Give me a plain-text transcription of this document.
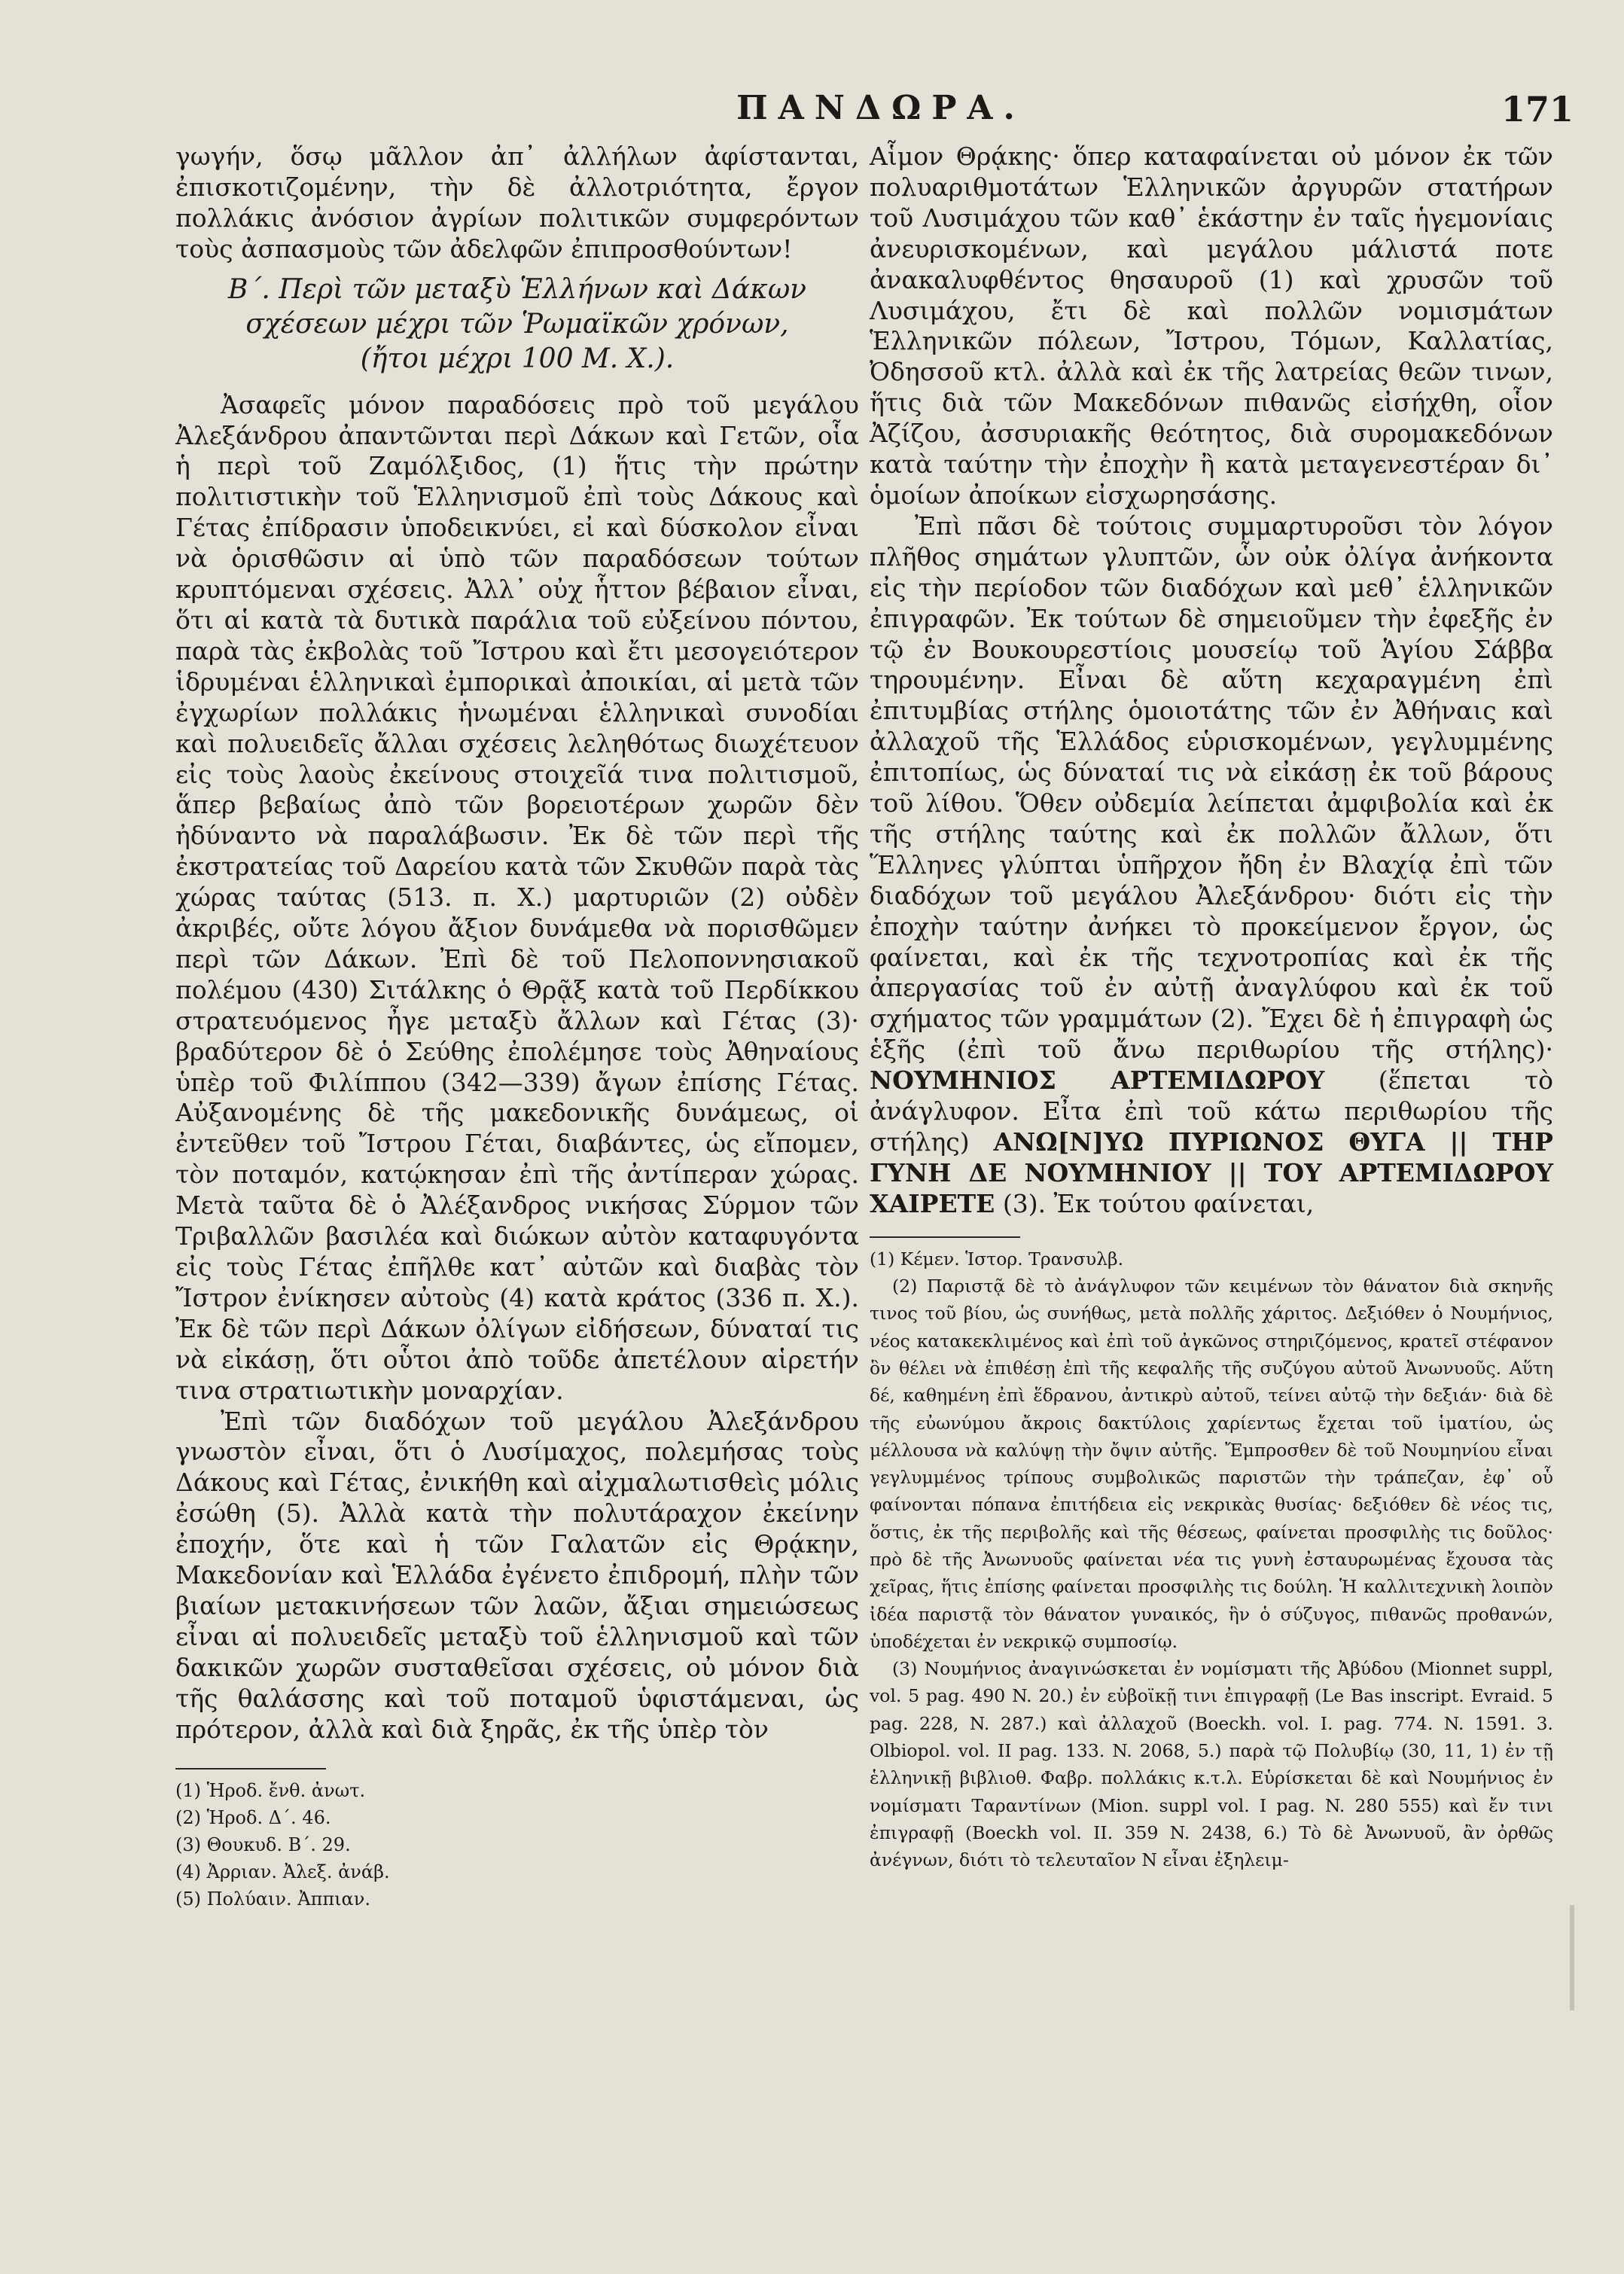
ΠΑΝΔΩΡΑ.	171

γωγήν, ὅσῳ μᾶλλον ἀπ᾽ ἀλλήλων ἀφίστανται, ἐπισκοτιζομένην, τὴν δὲ ἀλλοτριότητα, ἔργον πολλάκις ἀνόσιον ἀγρίων πολιτικῶν συμφερόντων τοὺς ἀσπασμοὺς τῶν ἀδελφῶν ἐπιπροσθούντων!

Β΄. Περὶ τῶν μεταξὺ Ἑλλήνων καὶ Δάκων
σχέσεων μέχρι τῶν Ῥωμαϊκῶν χρόνων,
(ἤτοι μέχρι 100 Μ. Χ.).

Ἀσαφεῖς μόνον παραδόσεις πρὸ τοῦ μεγάλου Ἀλεξάνδρου ἀπαντῶνται περὶ Δάκων καὶ Γετῶν, οἷα ἡ περὶ τοῦ Ζαμόλξιδος, (1) ἥτις τὴν πρώτην πολιτιστικὴν τοῦ Ἑλληνισμοῦ ἐπὶ τοὺς Δάκους καὶ Γέτας ἐπίδρασιν ὑποδεικνύει, εἰ καὶ δύσκολον εἶναι νὰ ὁρισθῶσιν αἱ ὑπὸ τῶν παραδόσεων τούτων κρυπτόμεναι σχέσεις. Ἀλλ᾽ οὐχ ἧττον βέβαιον εἶναι, ὅτι αἱ κατὰ τὰ δυτικὰ παράλια τοῦ εὐξείνου πόντου, παρὰ τὰς ἐκβολὰς τοῦ Ἴστρου καὶ ἔτι μεσογειότερον ἱδρυμέναι ἑλληνικαὶ ἐμπορικαὶ ἀποικίαι, αἱ μετὰ τῶν ἐγχωρίων πολλάκις ἡνωμέναι ἑλληνικαὶ συνοδίαι καὶ πολυειδεῖς ἄλλαι σχέσεις λεληθότως διωχέτευον εἰς τοὺς λαοὺς ἐκείνους στοιχεῖά τινα πολιτισμοῦ, ἅπερ βεβαίως ἀπὸ τῶν βορειοτέρων χωρῶν δὲν ἠδύναντο νὰ παραλάβωσιν. Ἐκ δὲ τῶν περὶ τῆς ἐκστρατείας τοῦ Δαρείου κατὰ τῶν Σκυθῶν παρὰ τὰς χώρας ταύτας (513. π. Χ.) μαρτυριῶν (2) οὐδὲν ἀκριβές, οὔτε λόγου ἄξιον δυνάμεθα νὰ πορισθῶμεν περὶ τῶν Δάκων. Ἐπὶ δὲ τοῦ Πελοποννησιακοῦ πολέμου (430) Σιτάλκης ὁ Θρᾷξ κατὰ τοῦ Περδίκκου στρατευόμενος ἦγε μεταξὺ ἄλλων καὶ Γέτας (3)· βραδύτερον δὲ ὁ Σεύθης ἐπολέμησε τοὺς Ἀθηναίους ὑπὲρ τοῦ Φιλίππου (342—339) ἄγων ἐπίσης Γέτας. Αὐξανομένης δὲ τῆς μακεδονικῆς δυνάμεως, οἱ ἐντεῦθεν τοῦ Ἴστρου Γέται, διαβάντες, ὡς εἴπομεν, τὸν ποταμόν, κατῴκησαν ἐπὶ τῆς ἀντίπεραν χώρας. Μετὰ ταῦτα δὲ ὁ Ἀλέξανδρος νικήσας Σύρμον τῶν Τριβαλλῶν βασιλέα καὶ διώκων αὐτὸν καταφυγόντα εἰς τοὺς Γέτας ἐπῆλθε κατ᾽ αὐτῶν καὶ διαβὰς τὸν Ἴστρον ἐνίκησεν αὐτοὺς (4) κατὰ κράτος (336 π. Χ.). Ἐκ δὲ τῶν περὶ Δάκων ὀλίγων εἰδήσεων, δύναταί τις νὰ εἰκάσῃ, ὅτι οὗτοι ἀπὸ τοῦδε ἀπετέλουν αἱρετήν τινα στρατιωτικὴν μοναρχίαν.

Ἐπὶ τῶν διαδόχων τοῦ μεγάλου Ἀλεξάνδρου γνωστὸν εἶναι, ὅτι ὁ Λυσίμαχος, πολεμήσας τοὺς Δάκους καὶ Γέτας, ἐνικήθη καὶ αἰχμαλωτισθεὶς μόλις ἐσώθη (5). Ἀλλὰ κατὰ τὴν πολυτάραχον ἐκείνην ἐποχήν, ὅτε καὶ ἡ τῶν Γαλατῶν εἰς Θρᾴκην, Μακεδονίαν καὶ Ἑλλάδα ἐγένετο ἐπιδρομή, πλὴν τῶν βιαίων μετακινήσεων τῶν λαῶν, ἄξιαι σημειώσεως εἶναι αἱ πολυειδεῖς μεταξὺ τοῦ ἑλληνισμοῦ καὶ τῶν δακικῶν χωρῶν συσταθεῖσαι σχέσεις, οὐ μόνον διὰ τῆς θαλάσσης καὶ τοῦ ποταμοῦ ὑφιστάμεναι, ὡς πρότερον, ἀλλὰ καὶ διὰ ξηρᾶς, ἐκ τῆς ὑπὲρ τὸν

(1) Ἡροδ. ἔνθ. ἀνωτ.

(2) Ἡροδ. Δ΄. 46.

(3) Θουκυδ. Β΄. 29.

(4) Ἀρριαν. Ἀλεξ. ἀνάβ.

(5) Πολύαιν. Ἀππιαν.

Αἷμον Θρᾴκης· ὅπερ καταφαίνεται οὐ μόνον ἐκ τῶν πολυαριθμοτάτων Ἑλληνικῶν ἀργυρῶν στατήρων τοῦ Λυσιμάχου τῶν καθ᾽ ἑκάστην ἐν ταῖς ἡγεμονίαις ἀνευρισκομένων, καὶ μεγάλου μάλιστά ποτε ἀνακαλυφθέντος θησαυροῦ (1) καὶ χρυσῶν τοῦ Λυσιμάχου, ἔτι δὲ καὶ πολλῶν νομισμάτων Ἑλληνικῶν πόλεων, Ἴστρου, Τόμων, Καλλατίας, Ὀδησσοῦ κτλ. ἀλλὰ καὶ ἐκ τῆς λατρείας θεῶν τινων, ἥτις διὰ τῶν Μακεδόνων πιθανῶς εἰσήχθη, οἷον Ἀζίζου, ἀσσυριακῆς θεότητος, διὰ συρομακεδόνων κατὰ ταύτην τὴν ἐποχὴν ἢ κατὰ μεταγενεστέραν δι᾽ ὁμοίων ἀποίκων εἰσχωρησάσης.

Ἐπὶ πᾶσι δὲ τούτοις συμμαρτυροῦσι τὸν λόγον πλῆθος σημάτων γλυπτῶν, ὧν οὐκ ὀλίγα ἀνήκοντα εἰς τὴν περίοδον τῶν διαδόχων καὶ μεθ᾽ ἑλληνικῶν ἐπιγραφῶν. Ἐκ τούτων δὲ σημειοῦμεν τὴν ἐφεξῆς ἐν τῷ ἐν Βουκουρεστίοις μουσείῳ τοῦ Ἁγίου Σάββα τηρουμένην. Εἶναι δὲ αὕτη κεχαραγμένη ἐπὶ ἐπιτυμβίας στήλης ὁμοιοτάτης τῶν ἐν Ἀθήναις καὶ ἀλλαχοῦ τῆς Ἑλλάδος εὑρισκομένων, γεγλυμμένης ἐπιτοπίως, ὡς δύναταί τις νὰ εἰκάσῃ ἐκ τοῦ βάρους τοῦ λίθου. Ὅθεν οὐδεμία λείπεται ἀμφιβολία καὶ ἐκ τῆς στήλης ταύτης καὶ ἐκ πολλῶν ἄλλων, ὅτι Ἕλληνες γλύπται ὑπῆρχον ἤδη ἐν Βλαχίᾳ ἐπὶ τῶν διαδόχων τοῦ μεγάλου Ἀλεξάνδρου· διότι εἰς τὴν ἐποχὴν ταύτην ἀνήκει τὸ προκείμενον ἔργον, ὡς φαίνεται, καὶ ἐκ τῆς τεχνοτροπίας καὶ ἐκ τῆς ἀπεργασίας τοῦ ἐν αὐτῇ ἀναγλύφου καὶ ἐκ τοῦ σχήματος τῶν γραμμάτων (2). Ἔχει δὲ ἡ ἐπιγραφὴ ὡς ἑξῆς (ἐπὶ τοῦ ἄνω περιθωρίου τῆς στήλης)· ΝΟΥΜΗΝΙΟΣ ΑΡΤΕΜΙΔΩΡΟΥ (ἕπεται τὸ ἀνάγλυφον. Εἶτα ἐπὶ τοῦ κάτω περιθωρίου τῆς στήλης) ΑΝΩ[Ν]ΥΩ ΠΥΡΙΩΝΟΣ ΘΥΓΑ || ΤΗΡ ΓΥΝΗ ΔΕ ΝΟΥΜΗΝΙΟΥ || ΤΟΥ ΑΡΤΕΜΙΔΩΡΟΥ ΧΑΙΡΕΤΕ (3). Ἐκ τούτου φαίνεται,

(1) Κέμεν. Ἱστορ. Τρανσυλβ.

(2) Παριστᾷ δὲ τὸ ἀνάγλυφον τῶν κειμένων τὸν θάνατον διὰ σκηνῆς τινος τοῦ βίου, ὡς συνήθως, μετὰ πολλῆς χάριτος. Δεξιόθεν ὁ Νουμήνιος, νέος κατακεκλιμένος καὶ ἐπὶ τοῦ ἀγκῶνος στηριζόμενος, κρατεῖ στέφανον ὃν θέλει νὰ ἐπιθέσῃ ἐπὶ τῆς κεφαλῆς τῆς συζύγου αὐτοῦ Ἀνωνυοῦς. Αὕτη δέ, καθημένη ἐπὶ ἕδρανου, ἀντικρὺ αὐτοῦ, τείνει αὐτῷ τὴν δεξιάν· διὰ δὲ τῆς εὐωνύμου ἄκροις δακτύλοις χαρίεντως ἔχεται τοῦ ἱματίου, ὡς μέλλουσα νὰ καλύψῃ τὴν ὄψιν αὐτῆς. Ἔμπροσθεν δὲ τοῦ Νουμηνίου εἶναι γεγλυμμένος τρίπους συμβολικῶς παριστῶν τὴν τράπεζαν, ἐφ᾽ οὗ φαίνονται πόπανα ἐπιτήδεια εἰς νεκρικὰς θυσίας· δεξιόθεν δὲ νέος τις, ὅστις, ἐκ τῆς περιβολῆς καὶ τῆς θέσεως, φαίνεται προσφιλὴς τις δοῦλος· πρὸ δὲ τῆς Ἀνωνυοῦς φαίνεται νέα τις γυνὴ ἐσταυρωμένας ἔχουσα τὰς χεῖρας, ἥτις ἐπίσης φαίνεται προσφιλὴς τις δούλη. Ἡ καλλιτεχνικὴ λοιπὸν ἰδέα παριστᾷ τὸν θάνατον γυναικός, ἣν ὁ σύζυγος, πιθανῶς προθανών, ὑποδέχεται ἐν νεκρικῷ συμποσίῳ.

(3) Νουμήνιος ἀναγινώσκεται ἐν νομίσματι τῆς Ἀβύδου (Mionnet suppl, vol. 5 pag. 490 N. 20.) ἐν εὐβοϊκῇ τινι ἐπιγραφῇ (Le Bas inscript. Evraid. 5 pag. 228, N. 287.) καὶ ἀλλαχοῦ (Boeckh. vol. I. pag. 774. N. 1591. 3. Olbiopol. vol. II pag. 133. N. 2068, 5.) παρὰ τῷ Πολυβίῳ (30, 11, 1) ἐν τῇ ἑλληνικῇ βιβλιοθ. Φαβρ. πολλάκις κ.τ.λ. Εὑρίσκεται δὲ καὶ Νουμήνιος ἐν νομίσματι Ταραντίνων (Mion. suppl vol. I pag. N. 280 555) καὶ ἔν τινι ἐπιγραφῇ (Boeckh vol. II. 359 N. 2438, 6.) Τὸ δὲ Ἀνωνυοῦ, ἂν ὀρθῶς ἀνέγνων, διότι τὸ τελευταῖον Ν εἶναι ἐξηλειμ-
